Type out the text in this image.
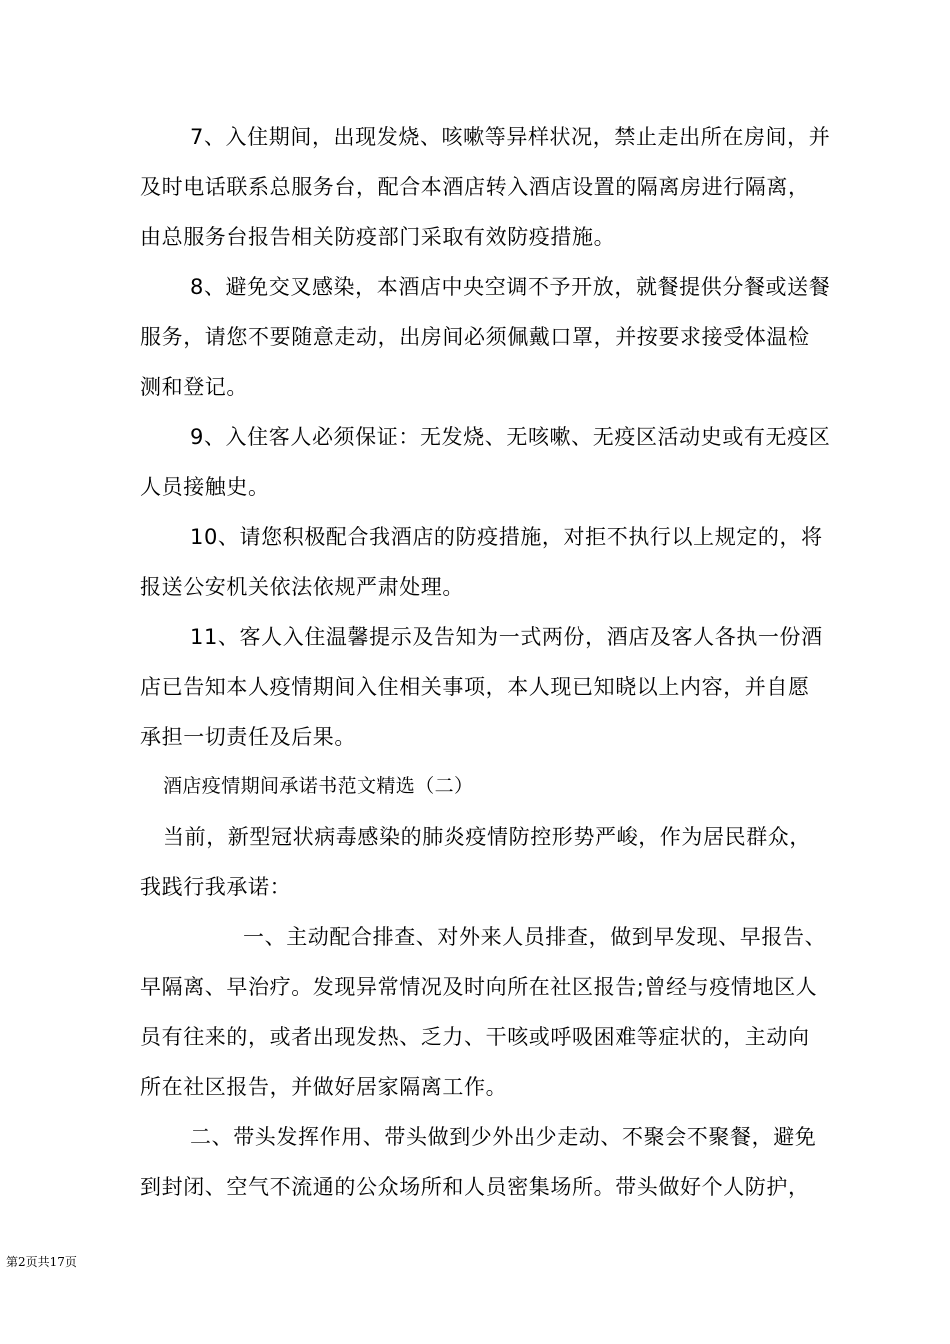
7、入住期间，出现发烧、咳嗽等异样状况，禁止走出所在房间，并
及时电话联系总服务台，配合本酒店转入酒店设置的隔离房进行隔离，
由总服务台报告相关防疫部门采取有效防疫措施。
8、避免交叉感染，本酒店中央空调不予开放，就餐提供分餐或送餐
服务，请您不要随意走动，出房间必须佩戴口罩，并按要求接受体温检
测和登记。
9、入住客人必须保证：无发烧、无咳嗽、无疫区活动史或有无疫区
人员接触史。
10、请您积极配合我酒店的防疫措施，对拒不执行以上规定的，将
报送公安机关依法依规严肃处理。
11、客人入住温馨提示及告知为一式两份，酒店及客人各执一份酒
店已告知本人疫情期间入住相关事项，本人现已知晓以上内容，并自愿
承担一切责任及后果。
酒店疫情期间承诺书范文精选（二）
当前，新型冠状病毒感染的肺炎疫情防控形势严峻，作为居民群众，
我践行我承诺：
一、主动配合排查、对外来人员排查，做到早发现、早报告、
早隔离、早治疗。发现异常情况及时向所在社区报告;曾经与疫情地区人
员有往来的，或者出现发热、乏力、干咳或呼吸困难等症状的，主动向
所在社区报告，并做好居家隔离工作。
二、带头发挥作用、带头做到少外出少走动、不聚会不聚餐，避免
到封闭、空气不流通的公众场所和人员密集场所。带头做好个人防护，
第2页共17页
